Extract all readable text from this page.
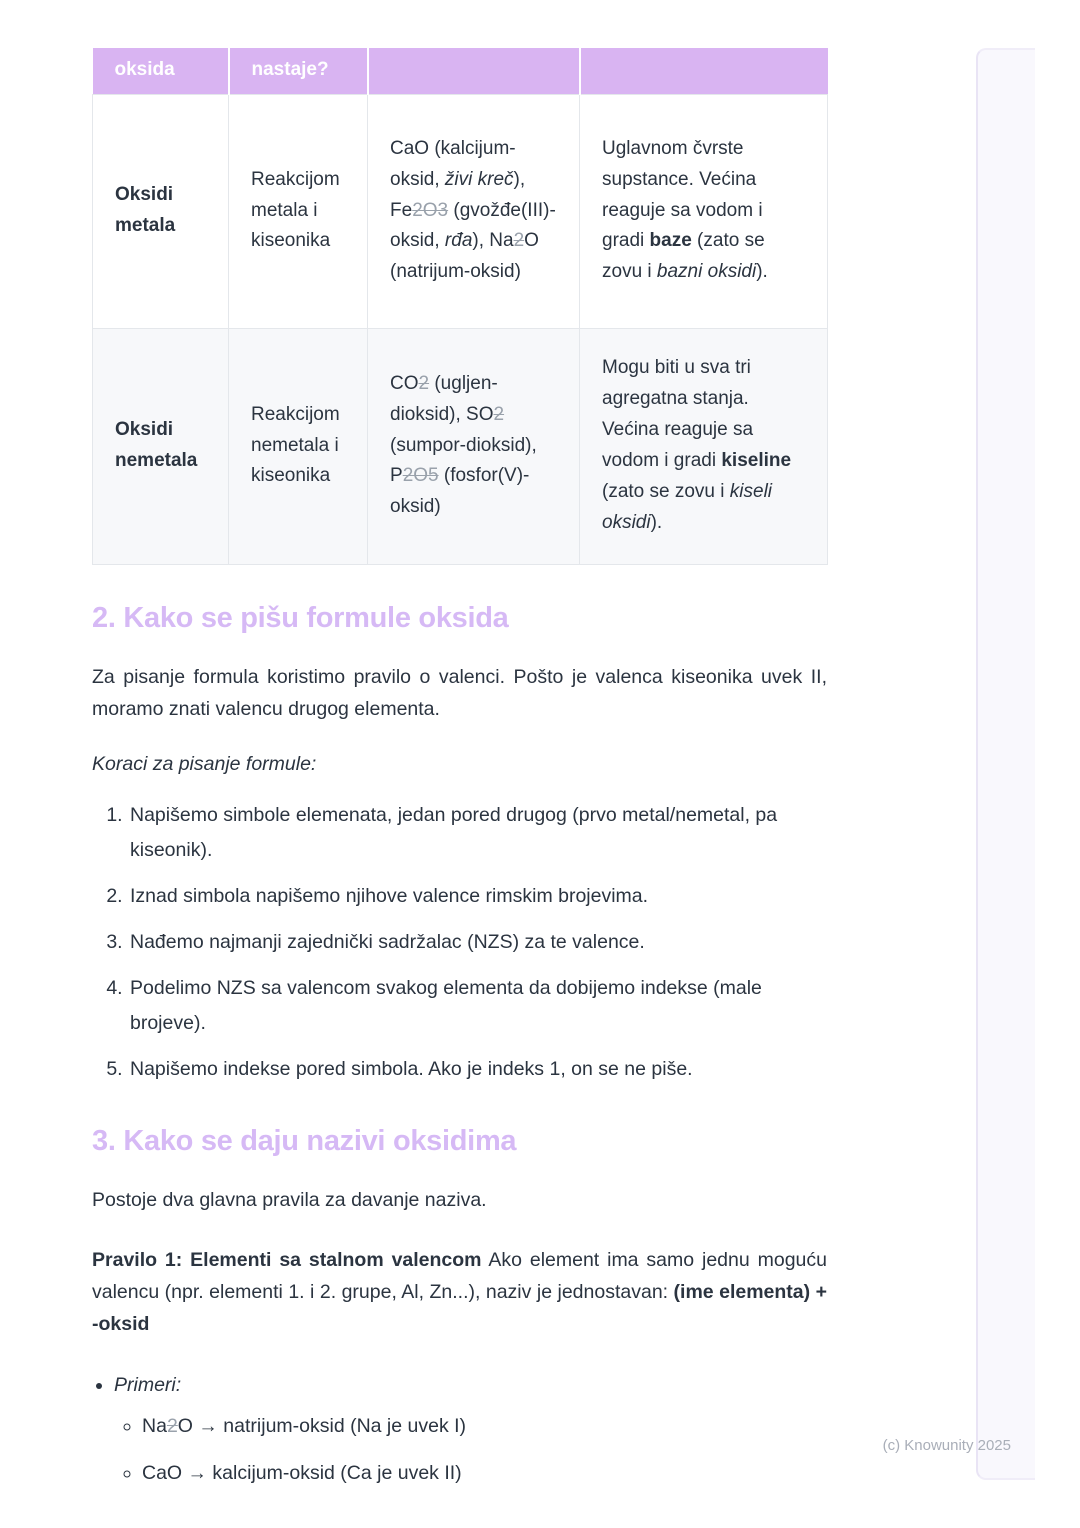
oksida	nastaje?		
Oksidi metala	Reakcijom metala i kiseonika	CaO (kalcijum-oksid, živi kreč), Fe2O3 (gvožđe(III)-oksid, rđa), Na2O (natrijum-oksid)	Uglavnom čvrste supstance. Većina reaguje sa vodom i gradi baze (zato se zovu i bazni oksidi).
Oksidi nemetala	Reakcijom nemetala i kiseonika	CO2 (ugljen-dioksid), SO2 (sumpor-dioksid), P2O5 (fosfor(V)-oksid)	Mogu biti u sva tri agregatna stanja. Većina reaguje sa vodom i gradi kiseline (zato se zovu i kiseli oksidi).
2. Kako se pišu formule oksida

Za pisanje formula koristimo pravilo o valenci. Pošto je valenca kiseonika uvek II, moramo znati valencu drugog elementa.

Koraci za pisanje formule:

1. Napišemo simbole elemenata, jedan pored drugog (prvo metal/nemetal, pa kiseonik).
2. Iznad simbola napišemo njihove valence rimskim brojevima.
3. Nađemo najmanji zajednički sadržalac (NZS) za te valence.
4. Podelimo NZS sa valencom svakog elementa da dobijemo indekse (male brojeve).
5. Napišemo indekse pored simbola. Ako je indeks 1, on se ne piše.
3. Kako se daju nazivi oksidima

Postoje dva glavna pravila za davanje naziva.

Pravilo 1: Elementi sa stalnom valencom Ako element ima samo jednu moguću valencu (npr. elementi 1. i 2. grupe, Al, Zn...), naziv je jednostavan: (ime elementa) + -oksid

• Primeri:
◦ Na2O → natrijum-oksid (Na je uvek I)
◦ CaO → kalcijum-oksid (Ca je uvek II)
(c) Knowunity 2025
